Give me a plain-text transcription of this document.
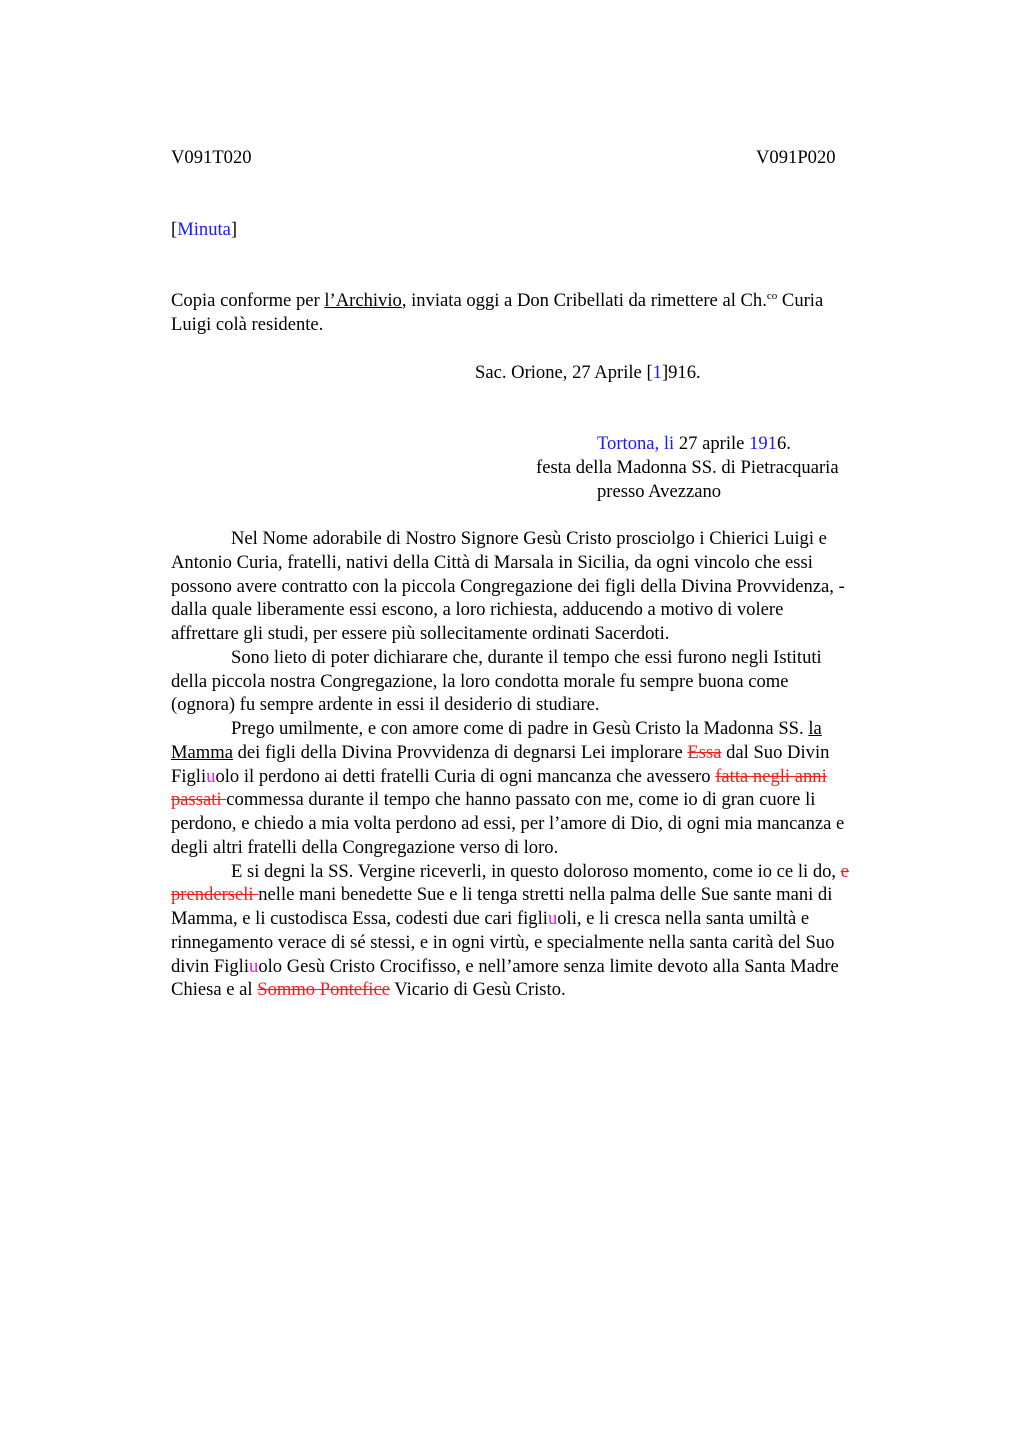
V091T020	V091P020
[Minuta]
Copia conforme per l’Archivio, inviata oggi a Don Cribellati da rimettere al Ch.$^{co}$ Curia
Luigi colà residente.
Sac. Orione, 27 Aprile [1]916.
Tortona, li 27 aprile 1916.
festa della Madonna SS. di Pietracquaria
presso Avezzano
Nel Nome adorabile di Nostro Signore Gesù Cristo prosciolgo i Chierici Luigi e
Antonio Curia, fratelli, nativi della Città di Marsala in Sicilia, da ogni vincolo che essi
possono avere contratto con la piccola Congregazione dei figli della Divina Provvidenza, -
dalla quale liberamente essi escono, a loro richiesta, adducendo a motivo di volere
affrettare gli studi, per essere più sollecitamente ordinati Sacerdoti.
Sono lieto di poter dichiarare che, durante il tempo che essi furono negli Istituti
della piccola nostra Congregazione, la loro condotta morale fu sempre buona come
(ognora) fu sempre ardente in essi il desiderio di studiare.
Prego umilmente, e con amore come di padre in Gesù Cristo la Madonna SS. la
Mamma dei figli della Divina Provvidenza di degnarsi Lei implorare Essa dal Suo Divin
Figliuolo il perdono ai detti fratelli Curia di ogni mancanza che avessero fatta negli anni
passati commessa durante il tempo che hanno passato con me, come io di gran cuore li
perdono, e chiedo a mia volta perdono ad essi, per l’amore di Dio, di ogni mia mancanza e
degli altri fratelli della Congregazione verso di loro.
E si degni la SS. Vergine riceverli, in questo doloroso momento, come io ce li do, e
prenderseli nelle mani benedette Sue e li tenga stretti nella palma delle Sue sante mani di
Mamma, e li custodisca Essa, codesti due cari figliuoli, e li cresca nella santa umiltà e
rinnegamento verace di sé stessi, e in ogni virtù, e specialmente nella santa carità del Suo
divin Figliuolo Gesù Cristo Crocifisso, e nell’amore senza limite devoto alla Santa Madre
Chiesa e al Sommo Pontefice Vicario di Gesù Cristo.
